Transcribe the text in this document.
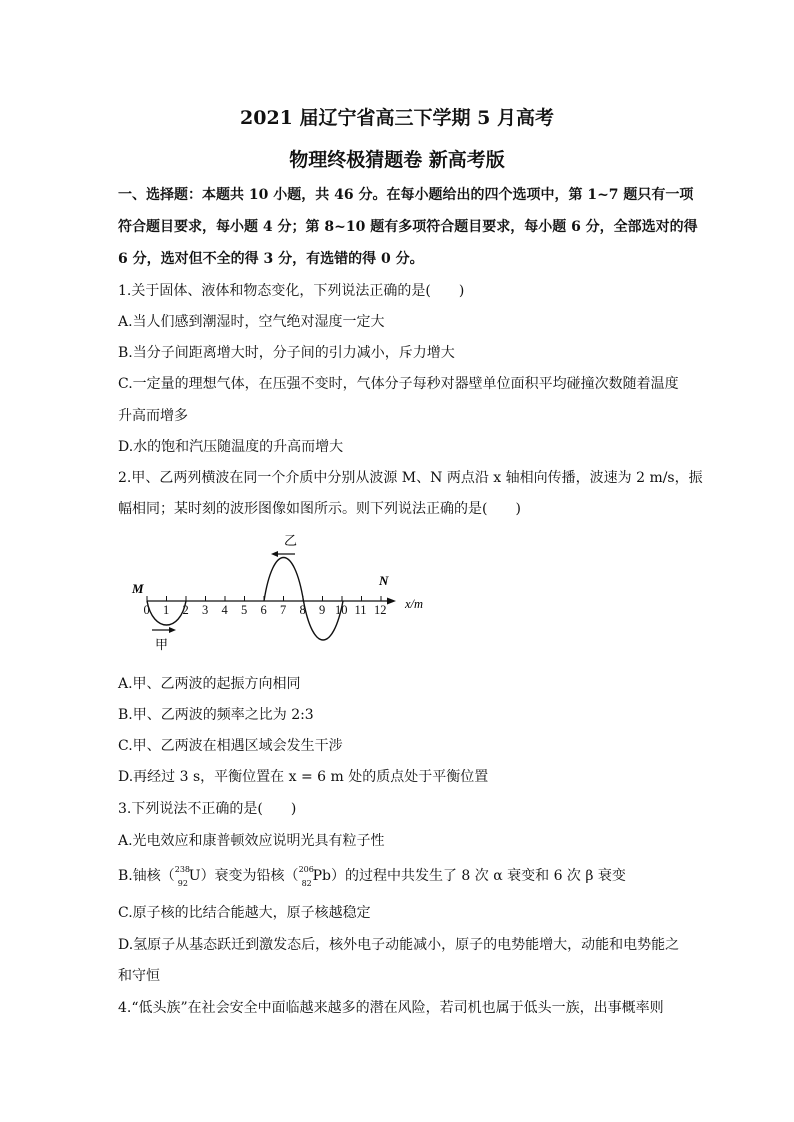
2021 届辽宁省高三下学期 5 月高考
物理终极猜题卷 新高考版
一、选择题：本题共 10 小题，共 46 分。在每小题给出的四个选项中，第 1~7 题只有一项
符合题目要求，每小题 4 分；第 8~10 题有多项符合题目要求，每小题 6 分，全部选对的得
6 分，选对但不全的得 3 分，有选错的得 0 分。
1.关于固体、液体和物态变化，下列说法正确的是(　　)
A.当人们感到潮湿时，空气绝对湿度一定大
B.当分子间距离增大时，分子间的引力减小，斥力增大
C.一定量的理想气体，在压强不变时，气体分子每秒对器壁单位面积平均碰撞次数随着温度
升高而增多
D.水的饱和汽压随温度的升高而增大
2.甲、乙两列横波在同一个介质中分别从波源 M、N 两点沿 x 轴相向传播，波速为 2 m/s，振
幅相同；某时刻的波形图像如图所示。则下列说法正确的是(　　)
0 1 2 3 4 5 6 7 8 9 10 11 12
M
N
x/m
甲
乙
A.甲、乙两波的起振方向相同
B.甲、乙两波的频率之比为 2:3
C.甲、乙两波在相遇区域会发生干涉
D.再经过 3 s，平衡位置在 x = 6 m 处的质点处于平衡位置
3.下列说法不正确的是(　　)
A.光电效应和康普顿效应说明光具有粒子性
B.铀核（ 238
92 U）衰变为铅核（ 206
82 Pb）的过程中共发生了 8 次 α 衰变和 6 次 β 衰变
C.原子核的比结合能越大，原子核越稳定
D.氢原子从基态跃迁到激发态后，核外电子动能减小，原子的电势能增大，动能和电势能之
和守恒
4.“低头族”在社会安全中面临越来越多的潜在风险，若司机也属于低头一族，出事概率则
